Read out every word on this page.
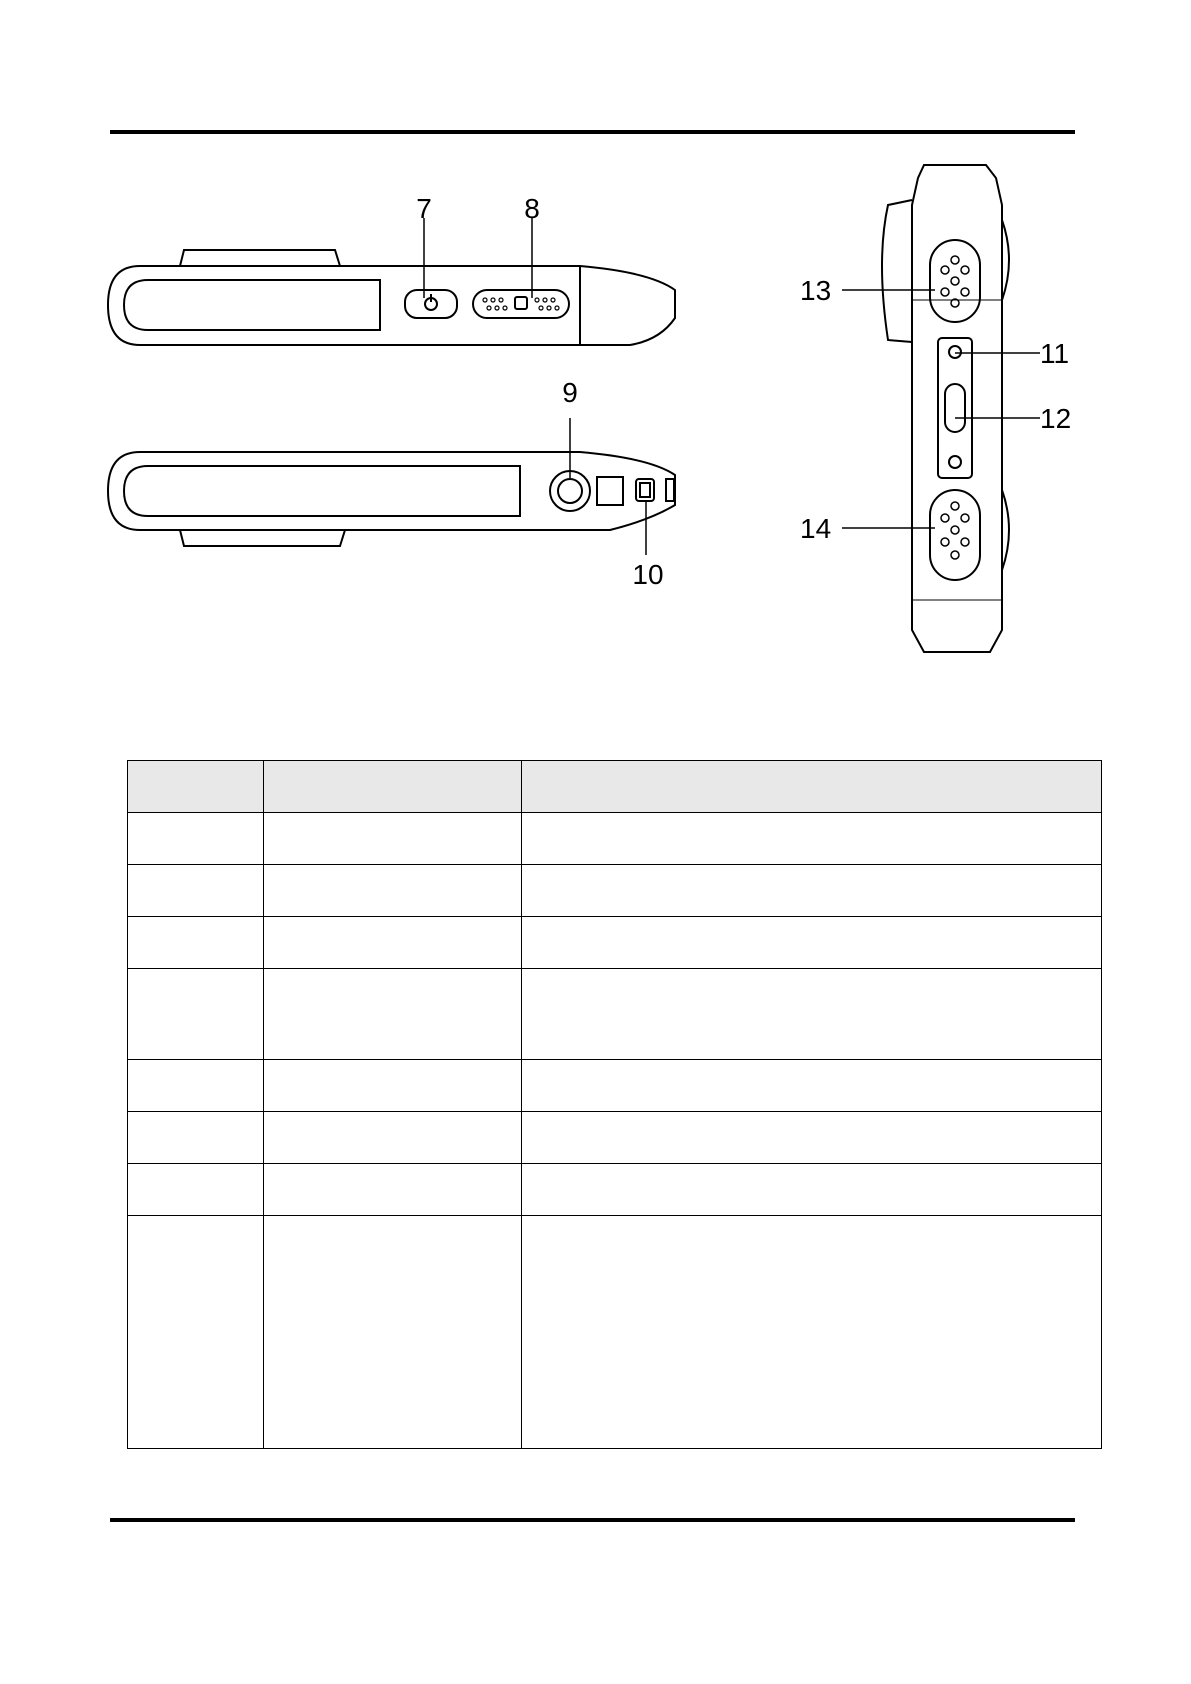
7	8
9
10
11
12
13
14
